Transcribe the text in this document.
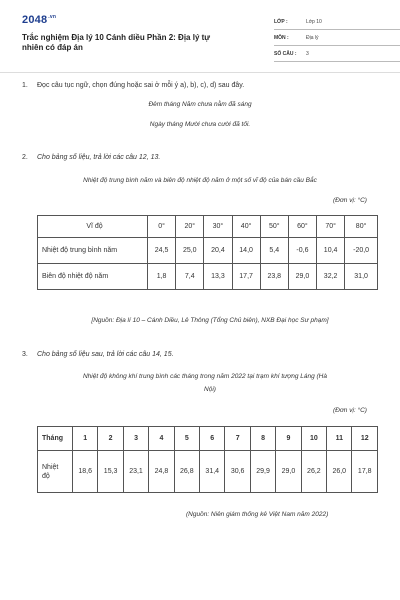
$2048^{.vn}$
Trắc nghiệm Địa lý 10 Cánh diều Phần 2: Địa lý tự nhiên có đáp án
LỚP :	Lớp 10
MÔN :	Địa lý
SỐ CÂU : 3
1. Đọc câu tục ngữ, chọn đúng hoặc sai ở mỗi ý a), b), c), d) sau đây.
Đêm tháng Năm chưa nằm đã sáng
Ngày tháng Mười chưa cười đã tối.
2. Cho bảng số liệu, trả lời các câu 12, 13.
Nhiệt độ trung bình năm và biên độ nhiệt độ năm ở một số vĩ độ của bán cầu Bắc
(Đơn vị: °C)
Vĩ độ	0°	20°	30°	40°	50°	60°	70°	80°
Nhiệt độ trung bình năm	24,5	25,0	20,4	14,0	5,4	-0,6	10,4	-20,0
Biên độ nhiệt độ năm	1,8	7,4	13,3	17,7	23,8	29,0	32,2	31,0
[Nguồn: Địa lí 10 – Cánh Diều, Lê Thông (Tổng Chủ biên), NXB Đại học Sư phạm]
3. Cho bảng số liệu sau, trả lời các câu 14, 15.
Nhiệt độ không khí trung bình các tháng trong năm 2022 tại trạm khí tượng Láng (Hà
Nội)
(Đơn vị: °C)
Tháng	1	2	3	4	5	6	7	8	9	10	11	12
Nhiệt
độ	18,6	15,3	23,1	24,8	26,8	31,4	30,6	29,9	29,0	26,2	26,0	17,8
(Nguồn: Niên giám thống kê Việt Nam năm 2022)
